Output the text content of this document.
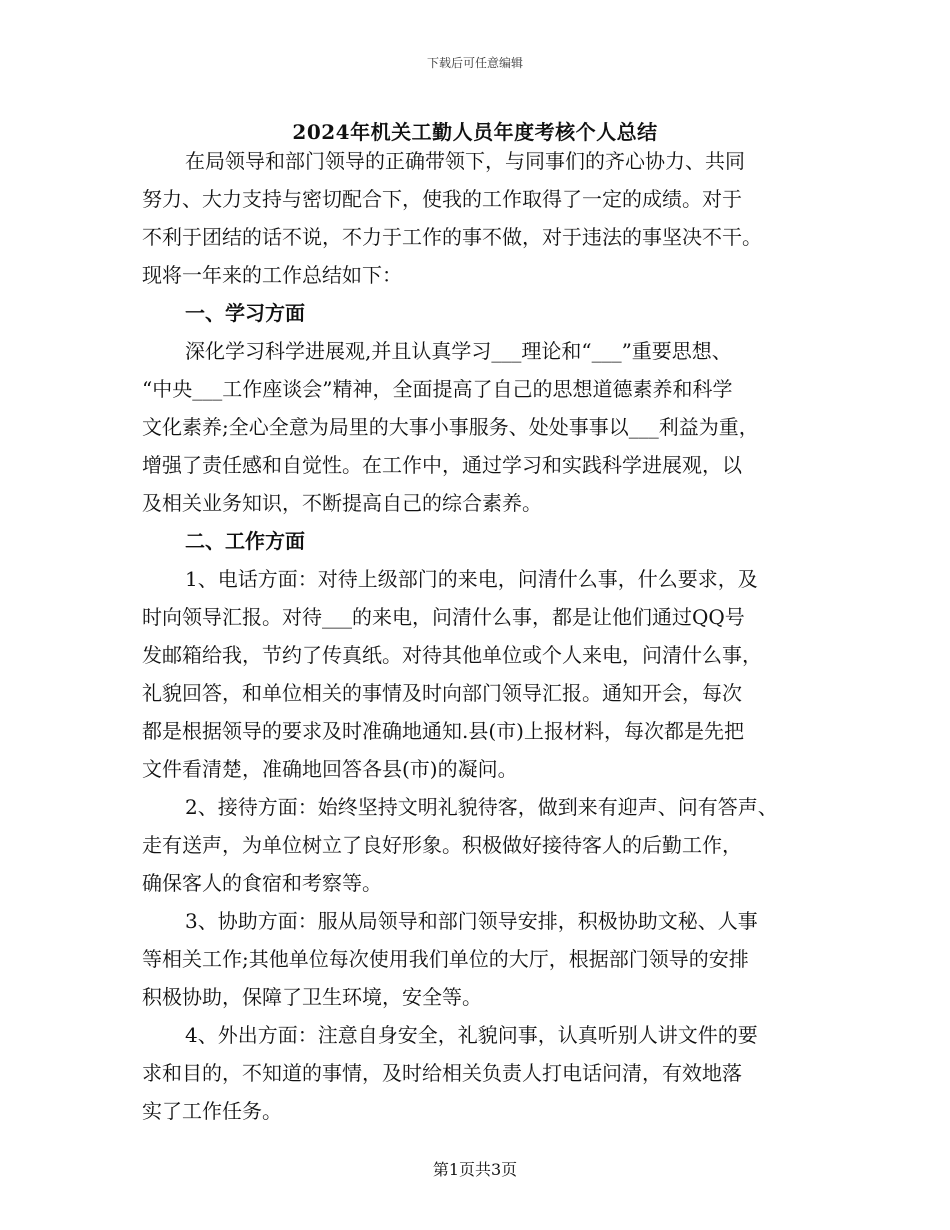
下载后可任意编辑
2024年机关工勤人员年度考核个人总结
在局领导和部门领导的正确带领下，与同事们的齐心协力、共同
努力、大力支持与密切配合下，使我的工作取得了一定的成绩。对于
不利于团结的话不说，不力于工作的事不做，对于违法的事坚决不干。
现将一年来的工作总结如下：
一、学习方面
深化学习科学进展观,并且认真学习___理论和“___”重要思想、
“中央___工作座谈会”精神，全面提高了自己的思想道德素养和科学
文化素养;全心全意为局里的大事小事服务、处处事事以___利益为重，
增强了责任感和自觉性。在工作中，通过学习和实践科学进展观，以
及相关业务知识，不断提高自己的综合素养。
二、工作方面
1、电话方面：对待上级部门的来电，问清什么事，什么要求，及
时向领导汇报。对待___的来电，问清什么事，都是让他们通过QQ号
发邮箱给我，节约了传真纸。对待其他单位或个人来电，问清什么事，
礼貌回答，和单位相关的事情及时向部门领导汇报。通知开会，每次
都是根据领导的要求及时准确地通知.县(市)上报材料，每次都是先把
文件看清楚，准确地回答各县(市)的凝问。
2、接待方面：始终坚持文明礼貌待客，做到来有迎声、问有答声、
走有送声，为单位树立了良好形象。积极做好接待客人的后勤工作，
确保客人的食宿和考察等。
3、协助方面：服从局领导和部门领导安排，积极协助文秘、人事
等相关工作;其他单位每次使用我们单位的大厅，根据部门领导的安排
积极协助，保障了卫生环境，安全等。
4、外出方面：注意自身安全，礼貌问事，认真听别人讲文件的要
求和目的，不知道的事情，及时给相关负责人打电话问清，有效地落
实了工作任务。
第1页共3页
